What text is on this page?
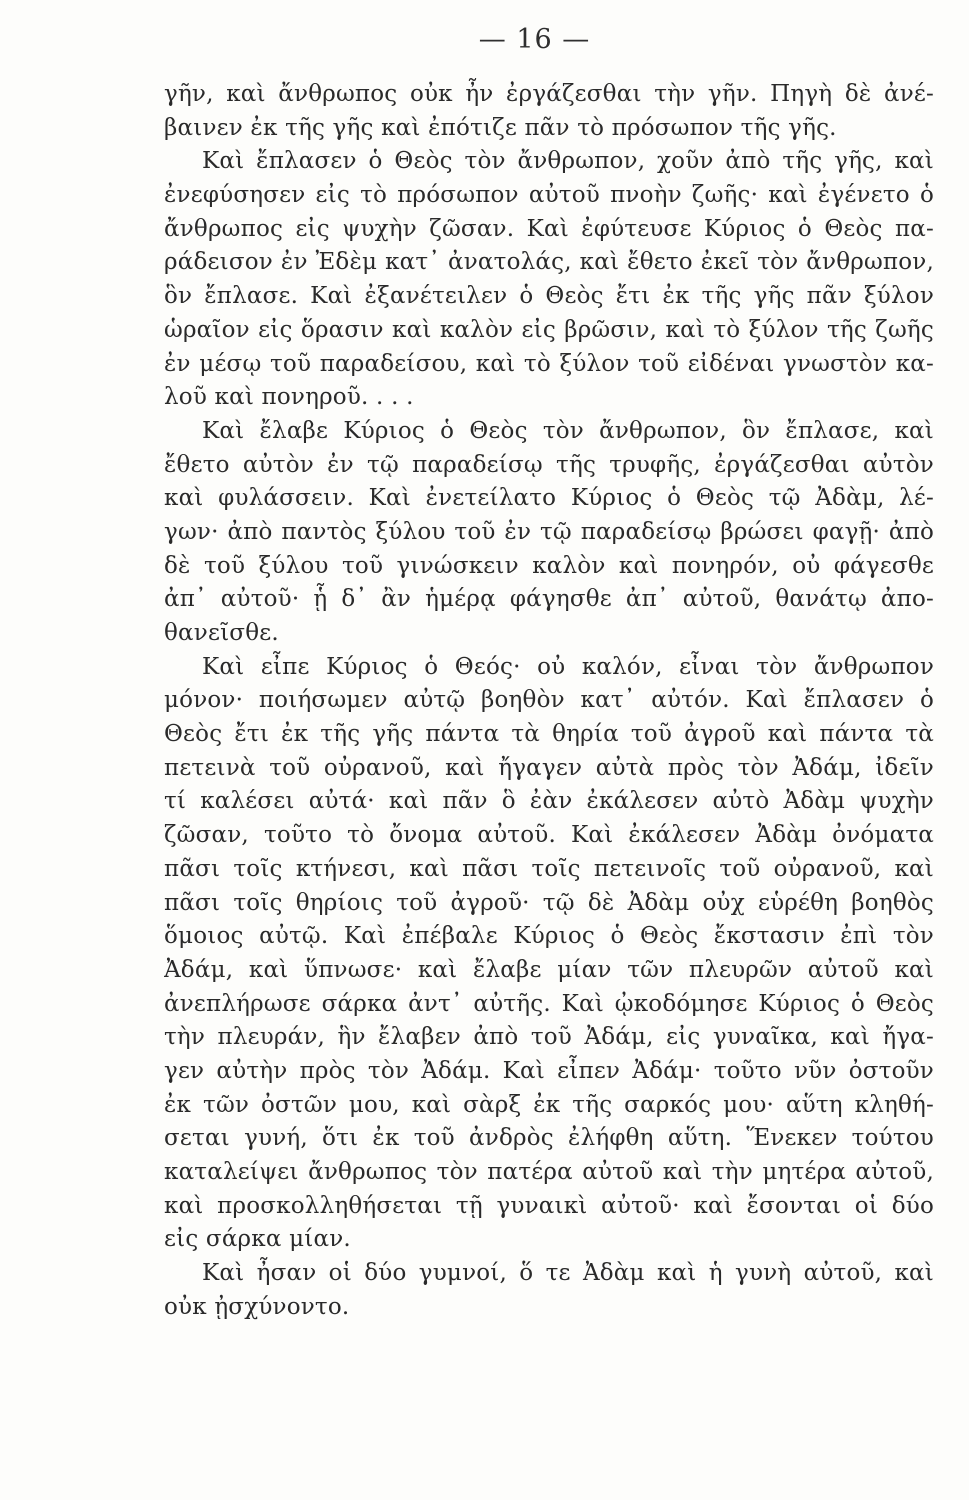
— 16 —
γῆν, καὶ ἄνθρωπος οὐκ ἦν ἐργάζεσθαι τὴν γῆν. Πηγὴ δὲ ἀνέ-
βαινεν ἐκ τῆς γῆς καὶ ἐπότιζε πᾶν τὸ πρόσωπον τῆς γῆς.
Καὶ ἔπλασεν ὁ Θεὸς τὸν ἄνθρωπον, χοῦν ἀπὸ τῆς γῆς, καὶ
ἐνεφύσησεν εἰς τὸ πρόσωπον αὐτοῦ πνοὴν ζωῆς· καὶ ἐγένετο ὁ
ἄνθρωπος εἰς ψυχὴν ζῶσαν. Καὶ ἐφύτευσε Κύριος ὁ Θεὸς πα-
ράδεισον ἐν Ἐδὲμ κατ᾿ ἀνατολάς, καὶ ἔθετο ἐκεῖ τὸν ἄνθρωπον,
ὃν ἔπλασε. Καὶ ἐξανέτειλεν ὁ Θεὸς ἔτι ἐκ τῆς γῆς πᾶν ξύλον
ὡραῖον εἰς ὅρασιν καὶ καλὸν εἰς βρῶσιν, καὶ τὸ ξύλον τῆς ζωῆς
ἐν μέσῳ τοῦ παραδείσου, καὶ τὸ ξύλον τοῦ εἰδέναι γνωστὸν κα-
λοῦ καὶ πονηροῦ. . . .
Καὶ ἔλαβε Κύριος ὁ Θεὸς τὸν ἄνθρωπον, ὃν ἔπλασε, καὶ
ἔθετο αὐτὸν ἐν τῷ παραδείσῳ τῆς τρυφῆς, ἐργάζεσθαι αὐτὸν
καὶ φυλάσσειν. Καὶ ἐνετείλατο Κύριος ὁ Θεὸς τῷ Ἀδὰμ, λέ-
γων· ἀπὸ παντὸς ξύλου τοῦ ἐν τῷ παραδείσῳ βρώσει φαγῇ· ἀπὸ
δὲ τοῦ ξύλου τοῦ γινώσκειν καλὸν καὶ πονηρόν, οὐ φάγεσθε
ἀπ᾿ αὐτοῦ· ᾗ δ᾿ ἂν ἡμέρᾳ φάγησθε ἀπ᾿ αὐτοῦ, θανάτῳ ἀπο-
θανεῖσθε.
Καὶ εἶπε Κύριος ὁ Θεός· οὐ καλόν, εἶναι τὸν ἄνθρωπον
μόνον· ποιήσωμεν αὐτῷ βοηθὸν κατ᾿ αὐτόν. Καὶ ἔπλασεν ὁ
Θεὸς ἔτι ἐκ τῆς γῆς πάντα τὰ θηρία τοῦ ἀγροῦ καὶ πάντα τὰ
πετεινὰ τοῦ οὐρανοῦ, καὶ ἤγαγεν αὐτὰ πρὸς τὸν Ἀδάμ, ἰδεῖν
τί καλέσει αὐτά· καὶ πᾶν ὃ ἐὰν ἐκάλεσεν αὐτὸ Ἀδὰμ ψυχὴν
ζῶσαν, τοῦτο τὸ ὄνομα αὐτοῦ. Καὶ ἐκάλεσεν Ἀδὰμ ὀνόματα
πᾶσι τοῖς κτήνεσι, καὶ πᾶσι τοῖς πετεινοῖς τοῦ οὐρανοῦ, καὶ
πᾶσι τοῖς θηρίοις τοῦ ἀγροῦ· τῷ δὲ Ἀδὰμ οὐχ εὑρέθη βοηθὸς
ὅμοιος αὐτῷ. Καὶ ἐπέβαλε Κύριος ὁ Θεὸς ἔκστασιν ἐπὶ τὸν
Ἀδάμ, καὶ ὕπνωσε· καὶ ἔλαβε μίαν τῶν πλευρῶν αὐτοῦ καὶ
ἀνεπλήρωσε σάρκα ἀντ᾿ αὐτῆς. Καὶ ᾠκοδόμησε Κύριος ὁ Θεὸς
τὴν πλευράν, ἣν ἔλαβεν ἀπὸ τοῦ Ἀδάμ, εἰς γυναῖκα, καὶ ἤγα-
γεν αὐτὴν πρὸς τὸν Ἀδάμ. Καὶ εἶπεν Ἀδάμ· τοῦτο νῦν ὀστοῦν
ἐκ τῶν ὀστῶν μου, καὶ σὰρξ ἐκ τῆς σαρκός μου· αὕτη κληθή-
σεται γυνή, ὅτι ἐκ τοῦ ἀνδρὸς ἐλήφθη αὕτη. Ἕνεκεν τούτου
καταλείψει ἄνθρωπος τὸν πατέρα αὐτοῦ καὶ τὴν μητέρα αὐτοῦ,
καὶ προσκολληθήσεται τῇ γυναικὶ αὐτοῦ· καὶ ἔσονται οἱ δύο
εἰς σάρκα μίαν.
Καὶ ἦσαν οἱ δύο γυμνοί, ὅ τε Ἀδὰμ καὶ ἡ γυνὴ αὐτοῦ, καὶ
οὐκ ᾐσχύνοντο.
